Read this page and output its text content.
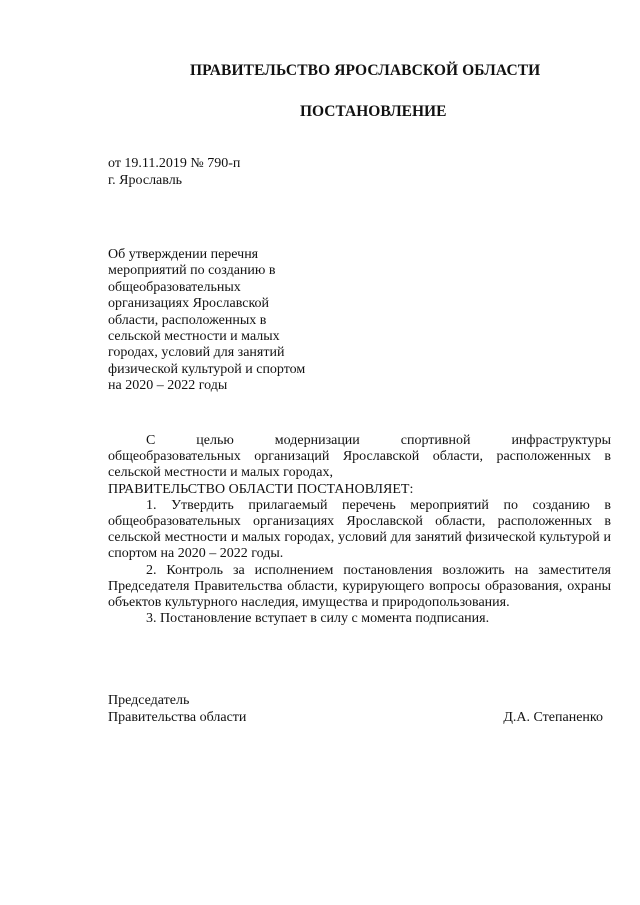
ПРАВИТЕЛЬСТВО ЯРОСЛАВСКОЙ ОБЛАСТИ
ПОСТАНОВЛЕНИЕ
от 19.11.2019 № 790-п
г. Ярославль
Об утверждении перечня
мероприятий по созданию в
общеобразовательных
организациях Ярославской
области, расположенных в
сельской местности и малых
городах, условий для занятий
физической культурой и спортом
на 2020 – 2022 годы
С	целью	модернизации	спортивной	инфраструктуры

общеобразовательных организаций Ярославской области, расположенных в сельской местности и малых городах,

ПРАВИТЕЛЬСТВО ОБЛАСТИ ПОСТАНОВЛЯЕТ:

1. Утвердить прилагаемый перечень мероприятий по созданию в общеобразовательных организациях Ярославской области, расположенных в сельской местности и малых городах, условий для занятий физической культурой и спортом на 2020 – 2022 годы.

2. Контроль за исполнением постановления возложить на заместителя Председателя Правительства области, курирующего вопросы образования, охраны объектов культурного наследия, имущества и природопользования.

3. Постановление вступает в силу с момента подписания.

Председатель
Правительства области	Д.А. Степаненко
